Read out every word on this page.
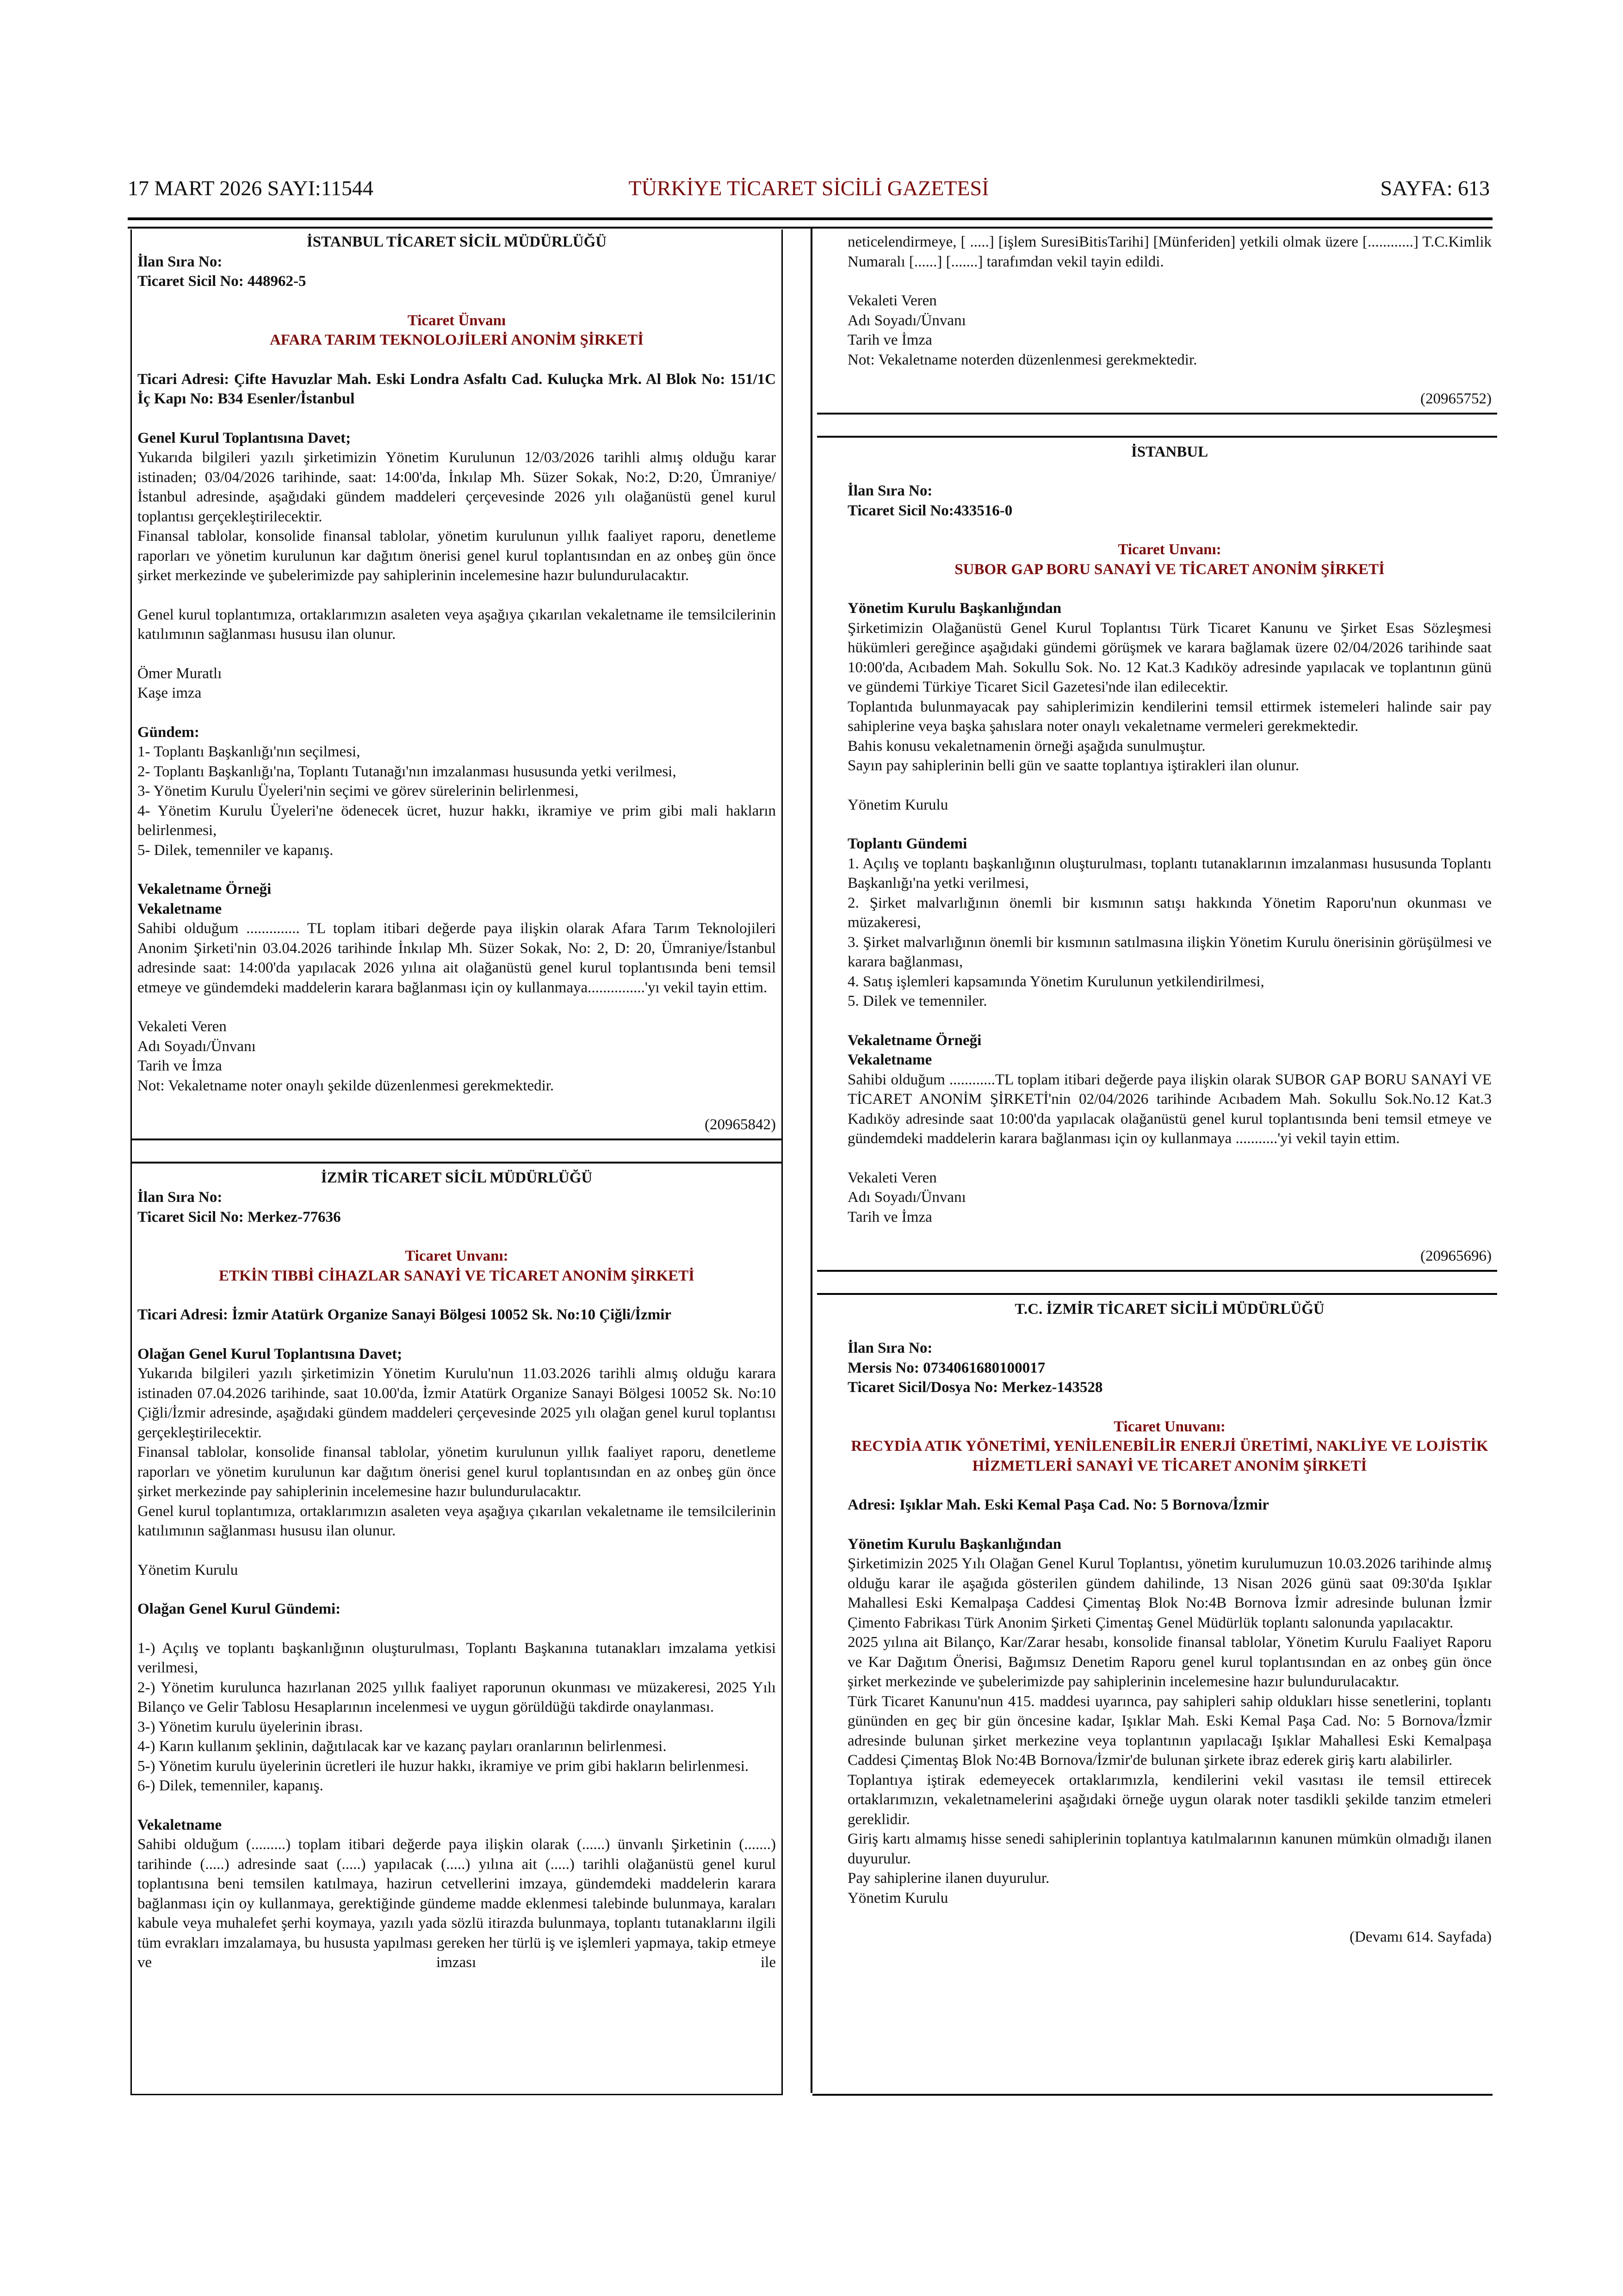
17 MART 2026 SAYI:11544	TÜRKİYE TİCARET SİCİLİ GAZETESİ	SAYFA: 613

İSTANBUL TİCARET SİCİL MÜDÜRLÜĞÜ

İlan Sıra No:

Ticaret Sicil No: 448962-5

Ticaret Ünvanı

AFARA TARIM TEKNOLOJİLERİ ANONİM ŞİRKETİ

Ticari Adresi: Çifte Havuzlar Mah. Eski Londra Asfaltı Cad. Kuluçka Mrk. Al Blok No: 151/1C İç Kapı No: B34 Esenler/İstanbul

Genel Kurul Toplantısına Davet;

Yukarıda bilgileri yazılı şirketimizin Yönetim Kurulunun 12/03/2026 tarihli almış olduğu karar istinaden; 03/04/2026 tarihinde, saat: 14:00'da, İnkılap Mh. Süzer Sokak, No:2, D:20, Ümraniye/İstanbul adresinde, aşağıdaki gündem maddeleri çerçevesinde 2026 yılı olağanüstü genel kurul toplantısı gerçekleştirilecektir.

Finansal tablolar, konsolide finansal tablolar, yönetim kurulunun yıllık faaliyet raporu, denetleme raporları ve yönetim kurulunun kar dağıtım önerisi genel kurul toplantısından en az onbeş gün önce şirket merkezinde ve şubelerimizde pay sahiplerinin incelemesine hazır bulundurulacaktır.

Genel kurul toplantımıza, ortaklarımızın asaleten veya aşağıya çıkarılan vekaletname ile temsilcilerinin katılımının sağlanması hususu ilan olunur.

Ömer Muratlı

Kaşe imza

Gündem:

1- Toplantı Başkanlığı'nın seçilmesi,

2- Toplantı Başkanlığı'na, Toplantı Tutanağı'nın imzalanması hususunda yetki verilmesi,

3- Yönetim Kurulu Üyeleri'nin seçimi ve görev sürelerinin belirlenmesi,

4- Yönetim Kurulu Üyeleri'ne ödenecek ücret, huzur hakkı, ikramiye ve prim gibi mali hakların belirlenmesi,

5- Dilek, temenniler ve kapanış.

Vekaletname Örneği

Vekaletname

Sahibi olduğum .............. TL toplam itibari değerde paya ilişkin olarak Afara Tarım Teknolojileri Anonim Şirketi'nin 03.04.2026 tarihinde İnkılap Mh. Süzer Sokak, No: 2, D: 20, Ümraniye/İstanbul adresinde saat: 14:00'da yapılacak 2026 yılına ait olağanüstü genel kurul toplantısında beni temsil etmeye ve gündemdeki maddelerin karara bağlanması için oy kullanmaya...............'yı vekil tayin ettim.

Vekaleti Veren

Adı Soyadı/Ünvanı

Tarih ve İmza

Not: Vekaletname noter onaylı şekilde düzenlenmesi gerekmektedir.

(20965842)

İZMİR TİCARET SİCİL MÜDÜRLÜĞÜ

İlan Sıra No:

Ticaret Sicil No: Merkez-77636

Ticaret Unvanı:

ETKİN TIBBİ CİHAZLAR SANAYİ VE TİCARET ANONİM ŞİRKETİ

Ticari Adresi: İzmir Atatürk Organize Sanayi Bölgesi 10052 Sk. No:10 Çiğli/İzmir

Olağan Genel Kurul Toplantısına Davet;

Yukarıda bilgileri yazılı şirketimizin Yönetim Kurulu'nun 11.03.2026 tarihli almış olduğu karara istinaden 07.04.2026 tarihinde, saat 10.00'da, İzmir Atatürk Organize Sanayi Bölgesi 10052 Sk. No:10 Çiğli/İzmir adresinde, aşağıdaki gündem maddeleri çerçevesinde 2025 yılı olağan genel kurul toplantısı gerçekleştirilecektir.

Finansal tablolar, konsolide finansal tablolar, yönetim kurulunun yıllık faaliyet raporu, denetleme raporları ve yönetim kurulunun kar dağıtım önerisi genel kurul toplantısından en az onbeş gün önce şirket merkezinde pay sahiplerinin incelemesine hazır bulundurulacaktır.

Genel kurul toplantımıza, ortaklarımızın asaleten veya aşağıya çıkarılan vekaletname ile temsilcilerinin katılımının sağlanması hususu ilan olunur.

Yönetim Kurulu

Olağan Genel Kurul Gündemi:

1-) Açılış ve toplantı başkanlığının oluşturulması, Toplantı Başkanına tutanakları imzalama yetkisi verilmesi,

2-) Yönetim kurulunca hazırlanan 2025 yıllık faaliyet raporunun okunması ve müzakeresi, 2025 Yılı Bilanço ve Gelir Tablosu Hesaplarının incelenmesi ve uygun görüldüğü takdirde onaylanması.

3-) Yönetim kurulu üyelerinin ibrası.

4-) Karın kullanım şeklinin, dağıtılacak kar ve kazanç payları oranlarının belirlenmesi.

5-) Yönetim kurulu üyelerinin ücretleri ile huzur hakkı, ikramiye ve prim gibi hakların belirlenmesi.

6-) Dilek, temenniler, kapanış.

Vekaletname

Sahibi olduğum (.........) toplam itibari değerde paya ilişkin olarak (......) ünvanlı Şirketinin (.......) tarihinde (.....) adresinde saat (.....) yapılacak (.....) yılına ait (.....) tarihli olağanüstü genel kurul toplantısına beni temsilen katılmaya, hazirun cetvellerini imzaya, gündemdeki maddelerin karara bağlanması için oy kullanmaya, gerektiğinde gündeme madde eklenmesi talebinde bulunmaya, karaları kabule veya muhalefet şerhi koymaya, yazılı yada sözlü itirazda bulunmaya, toplantı tutanaklarını ilgili tüm evrakları imzalamaya, bu hususta yapılması gereken her türlü iş ve işlemleri yapmaya, takip etmeye ve imzası ile

neticelendirmeye, [ .....] [işlem SuresiBitisTarihi] [Münferiden] yetkili olmak üzere [............] T.C.Kimlik Numaralı [......] [.......] tarafımdan vekil tayin edildi.

Vekaleti Veren

Adı Soyadı/Ünvanı

Tarih ve İmza

Not: Vekaletname noterden düzenlenmesi gerekmektedir.

(20965752)

İSTANBUL

İlan Sıra No:

Ticaret Sicil No:433516-0

Ticaret Unvanı:

SUBOR GAP BORU SANAYİ VE TİCARET ANONİM ŞİRKETİ

Yönetim Kurulu Başkanlığından

Şirketimizin Olağanüstü Genel Kurul Toplantısı Türk Ticaret Kanunu ve Şirket Esas Sözleşmesi hükümleri gereğince aşağıdaki gündemi görüşmek ve karara bağlamak üzere 02/04/2026 tarihinde saat 10:00'da, Acıbadem Mah. Sokullu Sok. No. 12 Kat.3 Kadıköy adresinde yapılacak ve toplantının günü ve gündemi Türkiye Ticaret Sicil Gazetesi'nde ilan edilecektir.

Toplantıda bulunmayacak pay sahiplerimizin kendilerini temsil ettirmek istemeleri halinde sair pay sahiplerine veya başka şahıslara noter onaylı vekaletname vermeleri gerekmektedir.

Bahis konusu vekaletnamenin örneği aşağıda sunulmuştur.

Sayın pay sahiplerinin belli gün ve saatte toplantıya iştirakleri ilan olunur.

Yönetim Kurulu

Toplantı Gündemi

1. Açılış ve toplantı başkanlığının oluşturulması, toplantı tutanaklarının imzalanması hususunda Toplantı Başkanlığı'na yetki verilmesi,

2. Şirket malvarlığının önemli bir kısmının satışı hakkında Yönetim Raporu'nun okunması ve müzakeresi,

3. Şirket malvarlığının önemli bir kısmının satılmasına ilişkin Yönetim Kurulu önerisinin görüşülmesi ve karara bağlanması,

4. Satış işlemleri kapsamında Yönetim Kurulunun yetkilendirilmesi,

5. Dilek ve temenniler.

Vekaletname Örneği

Vekaletname

Sahibi olduğum ............TL toplam itibari değerde paya ilişkin olarak SUBOR GAP BORU SANAYİ VE TİCARET ANONİM ŞİRKETİ'nin 02/04/2026 tarihinde Acıbadem Mah. Sokullu Sok.No.12 Kat.3 Kadıköy adresinde saat 10:00'da yapılacak olağanüstü genel kurul toplantısında beni temsil etmeye ve gündemdeki maddelerin karara bağlanması için oy kullanmaya ...........'yi vekil tayin ettim.

Vekaleti Veren

Adı Soyadı/Ünvanı

Tarih ve İmza

(20965696)

T.C. İZMİR TİCARET SİCİLİ MÜDÜRLÜĞÜ

İlan Sıra No:

Mersis No: 0734061680100017

Ticaret Sicil/Dosya No: Merkez-143528

Ticaret Unuvanı:

RECYDİA ATIK YÖNETİMİ, YENİLENEBİLİR ENERJİ ÜRETİMİ, NAKLİYE VE LOJİSTİK HİZMETLERİ SANAYİ VE TİCARET ANONİM ŞİRKETİ

Adresi: Işıklar Mah. Eski Kemal Paşa Cad. No: 5 Bornova/İzmir

Yönetim Kurulu Başkanlığından

Şirketimizin 2025 Yılı Olağan Genel Kurul Toplantısı, yönetim kurulumuzun 10.03.2026 tarihinde almış olduğu karar ile aşağıda gösterilen gündem dahilinde, 13 Nisan 2026 günü saat 09:30'da Işıklar Mahallesi Eski Kemalpaşa Caddesi Çimentaş Blok No:4B Bornova İzmir adresinde bulunan İzmir Çimento Fabrikası Türk Anonim Şirketi Çimentaş Genel Müdürlük toplantı salonunda yapılacaktır.

2025 yılına ait Bilanço, Kar/Zarar hesabı, konsolide finansal tablolar, Yönetim Kurulu Faaliyet Raporu ve Kar Dağıtım Önerisi, Bağımsız Denetim Raporu genel kurul toplantısından en az onbeş gün önce şirket merkezinde ve şubelerimizde pay sahiplerinin incelemesine hazır bulundurulacaktır.

Türk Ticaret Kanunu'nun 415. maddesi uyarınca, pay sahipleri sahip oldukları hisse senetlerini, toplantı gününden en geç bir gün öncesine kadar, Işıklar Mah. Eski Kemal Paşa Cad. No: 5 Bornova/İzmir adresinde bulunan şirket merkezine veya toplantının yapılacağı Işıklar Mahallesi Eski Kemalpaşa Caddesi Çimentaş Blok No:4B Bornova/İzmir'de bulunan şirkete ibraz ederek giriş kartı alabilirler.

Toplantıya iştirak edemeyecek ortaklarımızla, kendilerini vekil vasıtası ile temsil ettirecek ortaklarımızın, vekaletnamelerini aşağıdaki örneğe uygun olarak noter tasdikli şekilde tanzim etmeleri gereklidir.

Giriş kartı almamış hisse senedi sahiplerinin toplantıya katılmalarının kanunen mümkün olmadığı ilanen duyurulur.

Pay sahiplerine ilanen duyurulur.

Yönetim Kurulu

(Devamı 614. Sayfada)
